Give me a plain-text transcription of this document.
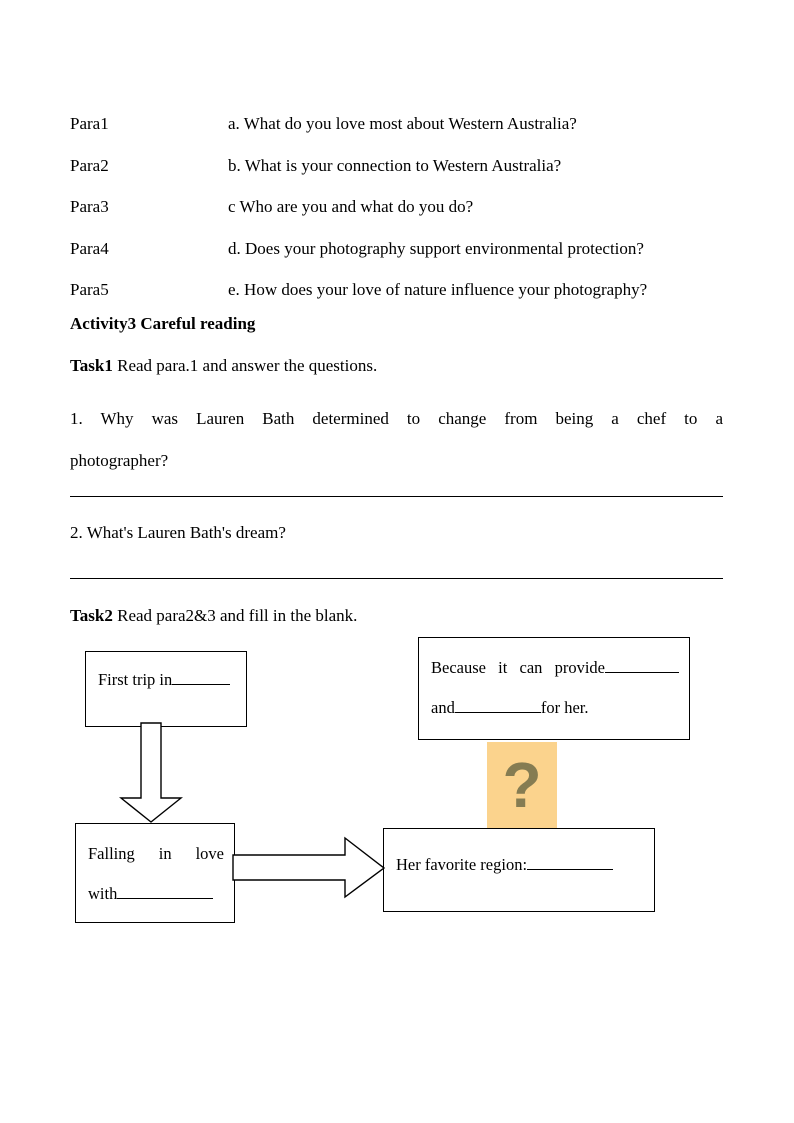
Para1	a. What do you love most about Western Australia?
Para2	b. What is your connection to Western Australia?
Para3	c Who are you and what do you do?
Para4	d. Does your photography support environmental protection?
Para5	e. How does your love of nature influence your photography?
Activity3 Careful reading
Task1 Read para.1 and answer the questions.
1. Why was Lauren Bath determined to change from being a chef to a
photographer?
2. What's Lauren Bath's dream?
Task2 Read para2&3 and fill in the blank.
First trip in
Falling in love
with
Because it can provide
and	for her.
?
Her favorite region:
